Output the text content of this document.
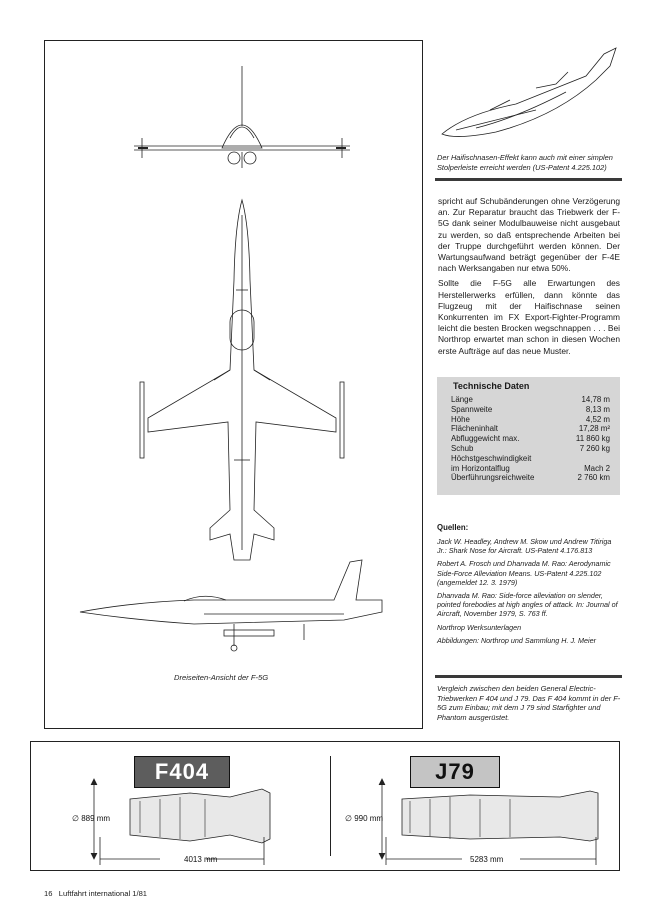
Dreiseiten-Ansicht der F-5G
Der Haifischnasen-Effekt kann auch mit einer simplen Stolperleiste erreicht werden (US-Patent 4.225.102)

spricht auf Schubänderungen ohne Verzögerung an. Zur Reparatur braucht das Triebwerk der F-5G dank seiner Modulbauweise nicht ausgebaut zu werden, so daß entsprechende Arbeiten bei der Truppe durchgeführt werden können. Der Wartungsaufwand beträgt gegenüber der F-4E nach Werksangaben nur etwa 50%.

Sollte die F-5G alle Erwartungen des Herstellerwerks erfüllen, dann könnte das Flugzeug mit der Haifischnase seinen Konkurrenten im FX Export-Fighter-Programm leicht die besten Brocken wegschnappen . . . Bei Northrop erwartet man schon in diesen Wochen erste Aufträge auf das neue Muster.

Technische Daten
Länge	14,78 m
Spannweite	8,13 m
Höhe	4,52 m
Flächeninhalt	17,28 m²
Abfluggewicht max.	11 860 kg
Schub	7 260 kg
Höchstgeschwindigkeit	
im Horizontalflug	Mach 2
Überführungsreichweite	2 760 km
Quellen:

Jack W. Headley, Andrew M. Skow und Andrew Titiriga Jr.: Shark Nose for Aircraft. US-Patent 4.176.813

Robert A. Frosch und Dhanvada M. Rao: Aerodynamic Side-Force Alleviation Means. US-Patent 4.225.102 (angemeldet 12. 3. 1979)

Dhanvada M. Rao: Side-force alleviation on slender, pointed forebodies at high angles of attack. In: Journal of Aircraft, November 1979, S. 763 ff.

Northrop Werksunterlagen

Abbildungen: Northrop und Sammlung H. J. Meier

Vergleich zwischen den beiden General Electric-Triebwerken F 404 und J 79. Das F 404 kommt in der F-5G zum Einbau; mit dem J 79 sind Starfighter und Phantom ausgerüstet.
F404	J79
∅ 889 mm
4013 mm
∅ 990 mm
5283 mm
16 Luftfahrt international 1/81
